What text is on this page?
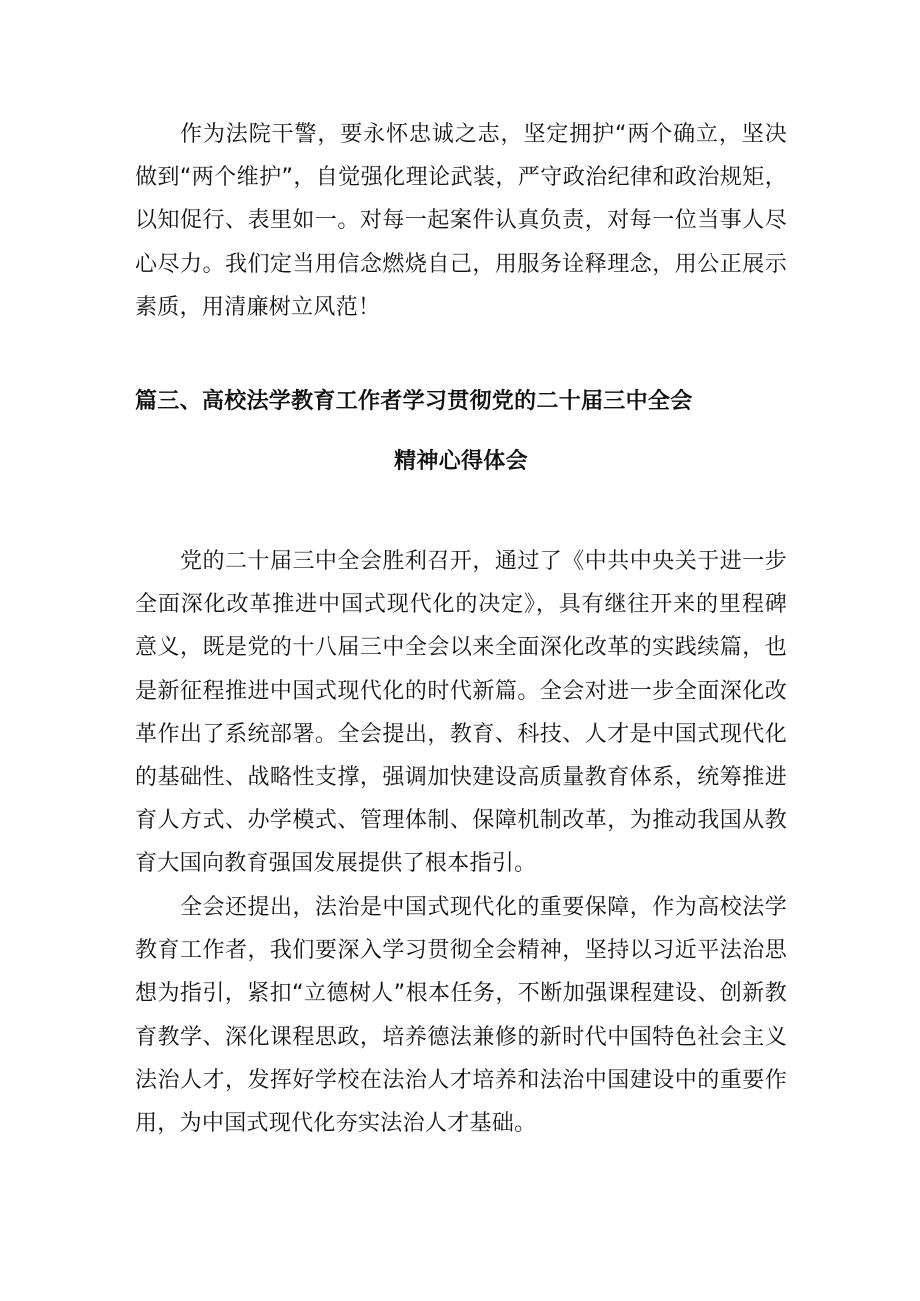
作为法院干警，要永怀忠诚之志，坚定拥护“两个确立，坚决做到“两个维护”，自觉强化理论武装，严守政治纪律和政治规矩，以知促行、表里如一。对每一起案件认真负责，对每一位当事人尽心尽力。我们定当用信念燃烧自己，用服务诠释理念，用公正展示素质，用清廉树立风范！

篇三、高校法学教育工作者学习贯彻党的二十届三中全会
精神心得体会

党的二十届三中全会胜利召开，通过了《中共中央关于进一步全面深化改革推进中国式现代化的决定》，具有继往开来的里程碑意义，既是党的十八届三中全会以来全面深化改革的实践续篇，也是新征程推进中国式现代化的时代新篇。全会对进一步全面深化改革作出了系统部署。全会提出，教育、科技、人才是中国式现代化的基础性、战略性支撑，强调加快建设高质量教育体系，统筹推进育人方式、办学模式、管理体制、保障机制改革，为推动我国从教育大国向教育强国发展提供了根本指引。

全会还提出，法治是中国式现代化的重要保障，作为高校法学教育工作者，我们要深入学习贯彻全会精神，坚持以习近平法治思想为指引，紧扣“立德树人”根本任务，不断加强课程建设、创新教育教学、深化课程思政，培养德法兼修的新时代中国特色社会主义法治人才，发挥好学校在法治人才培养和法治中国建设中的重要作用，为中国式现代化夯实法治人才基础。
